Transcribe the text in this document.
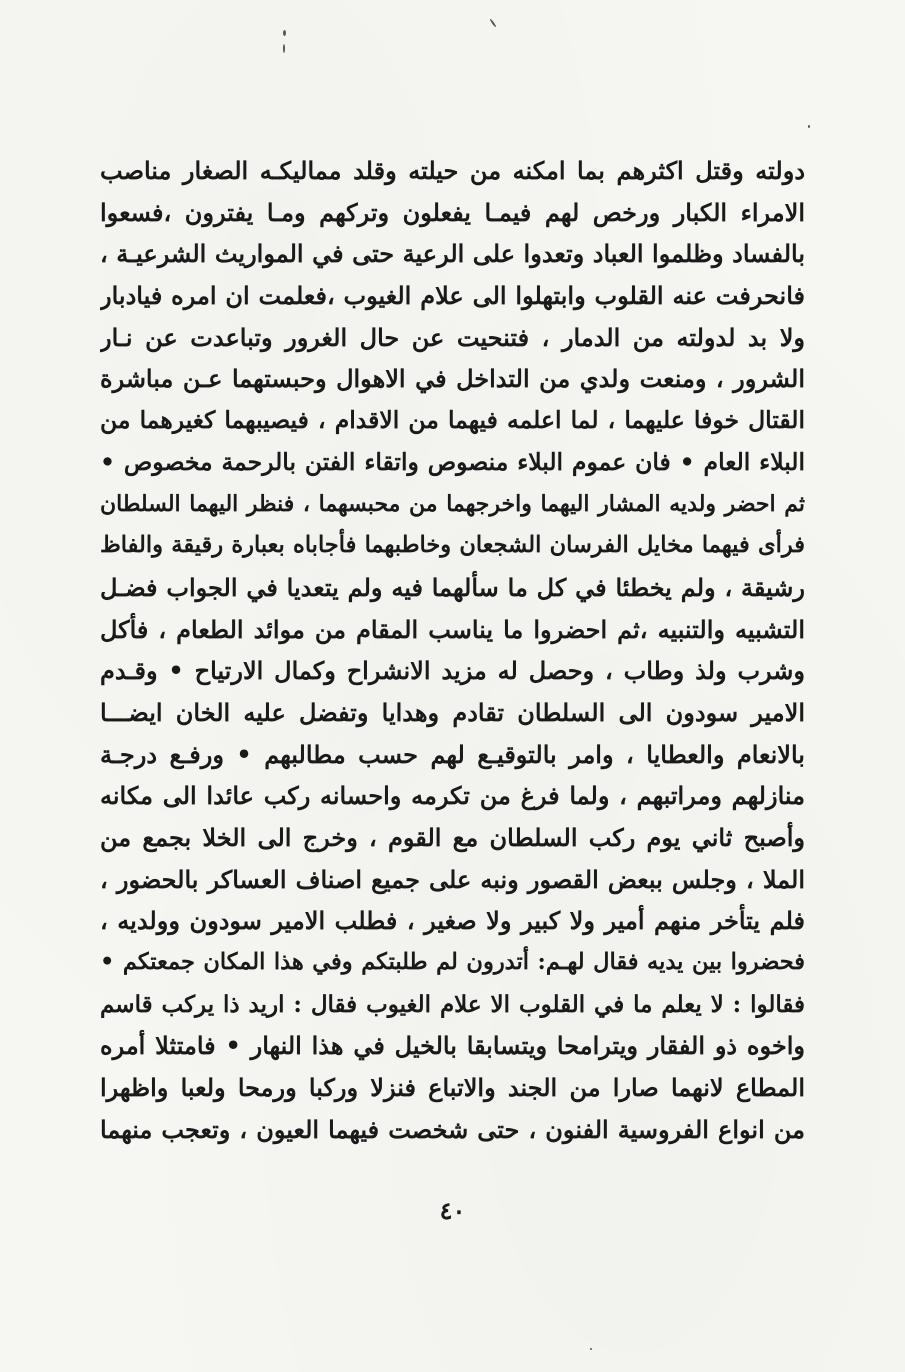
دولته وقتل اكثرهم بما امكنه من حيلته وقلد مماليكـه الصغار مناصب
الامراء الكبار ورخص لهم فيمـا يفعلون وتركهم ومـا يفترون ،فسعوا
بالفساد وظلموا العباد وتعدوا على الرعية حتى في المواريث الشرعيـة ،
فانحرفت عنه القلوب وابتهلوا الى علام الغيوب ،فعلمت ان امره فيادبار
ولا بد لدولته من الدمار ، فتنحيت عن حال الغرور وتباعدت عن نـار
الشرور ، ومنعت ولدي من التداخل في الاهوال وحبستهما عـن مباشرة
القتال خوفا عليهما ، لما اعلمه فيهما من الاقدام ، فيصيبهما كغيرهما من
البلاء العام • فان عموم البلاء منصوص واتقاء الفتن بالرحمة مخصوص •
ثم احضر ولديه المشار اليهما واخرجهما من محبسهما ، فنظر اليهما السلطان
فرأى فيهما مخايل الفرسان الشجعان وخاطبهما فأجاباه بعبارة رقيقة والفاظ
رشيقة ، ولم يخطئا في كل ما سألهما فيه ولم يتعديا في الجواب فضـل
التشبيه والتنبيه ،ثم احضروا ما يناسب المقام من موائد الطعام ، فأكل
وشرب ولذ وطاب ، وحصل له مزيد الانشراح وكمال الارتياح • وقـدم
الامير سودون الى السلطان تقادم وهدايا وتفضل عليه الخان ايضـــا
بالانعام والعطايا ، وامر بالتوقيـع لهم حسب مطالبهم • ورفـع درجـة
منازلهم ومراتبهم ، ولما فرغ من تكرمه واحسانه ركب عائدا الى مكانه
وأصبح ثاني يوم ركب السلطان مع القوم ، وخرج الى الخلا بجمع من
الملا ، وجلس ببعض القصور ونبه على جميع اصناف العساكر بالحضور ،
فلم يتأخر منهم أمير ولا كبير ولا صغير ، فطلب الامير سودون وولديه ،
فحضروا بين يديه فقال لهـم: أتدرون لم طلبتكم وفي هذا المكان جمعتكم •
فقالوا : لا يعلم ما في القلوب الا علام الغيوب فقال : اريد ذا يركب قاسم
واخوه ذو الفقار ويترامحا ويتسابقا بالخيل في هذا النهار • فامتثلا أمره
المطاع لانهما صارا من الجند والاتباع فنزلا وركبا ورمحا ولعبا واظهرا
من انواع الفروسية الفنون ، حتى شخصت فيهما العيون ، وتعجب منهما
٤٠
